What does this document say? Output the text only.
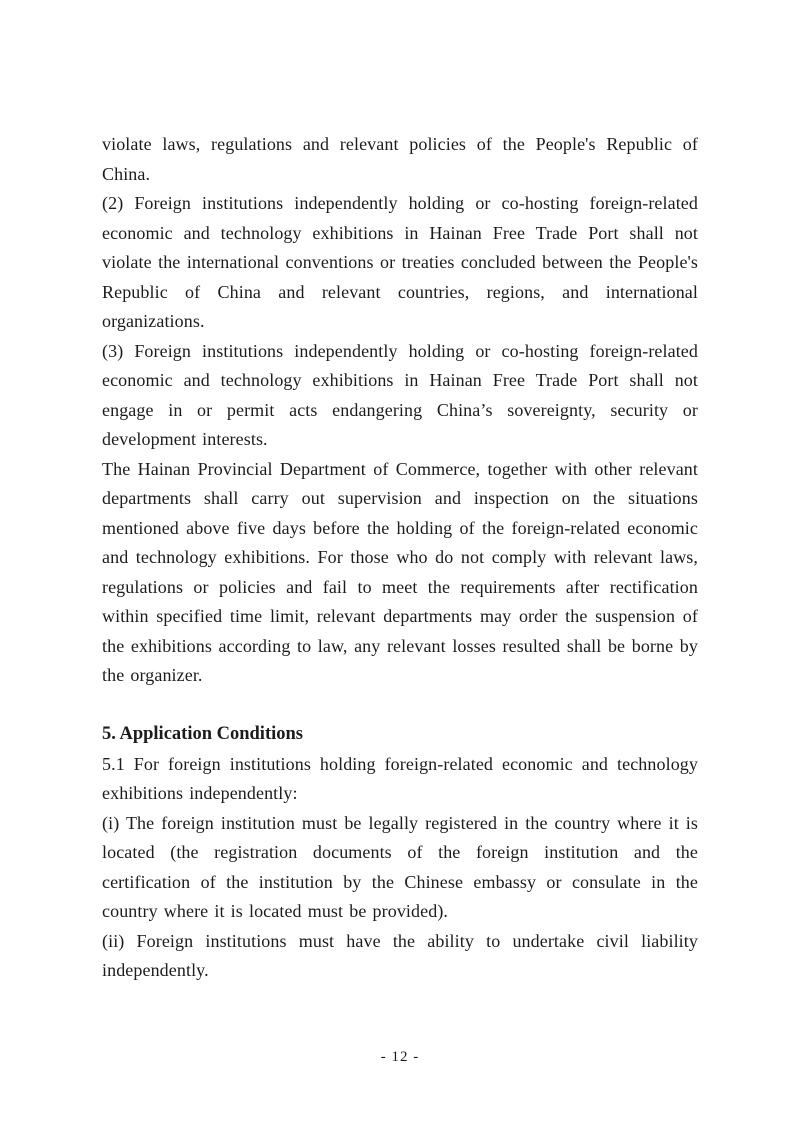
violate laws, regulations and relevant policies of the People's Republic of China.

(2) Foreign institutions independently holding or co-hosting foreign-related economic and technology exhibitions in Hainan Free Trade Port shall not violate the international conventions or treaties concluded between the People's Republic of China and relevant countries, regions, and international organizations.

(3) Foreign institutions independently holding or co-hosting foreign-related economic and technology exhibitions in Hainan Free Trade Port shall not engage in or permit acts endangering China’s sovereignty, security or development interests.

The Hainan Provincial Department of Commerce, together with other relevant departments shall carry out supervision and inspection on the situations mentioned above five days before the holding of the foreign-related economic and technology exhibitions. For those who do not comply with relevant laws, regulations or policies and fail to meet the requirements after rectification within specified time limit, relevant departments may order the suspension of the exhibitions according to law, any relevant losses resulted shall be borne by the organizer.

5. Application Conditions

5.1 For foreign institutions holding foreign-related economic and technology exhibitions independently:

(i) The foreign institution must be legally registered in the country where it is located (the registration documents of the foreign institution and the certification of the institution by the Chinese embassy or consulate in the country where it is located must be provided).

(ii) Foreign institutions must have the ability to undertake civil liability independently.

- 12 -
